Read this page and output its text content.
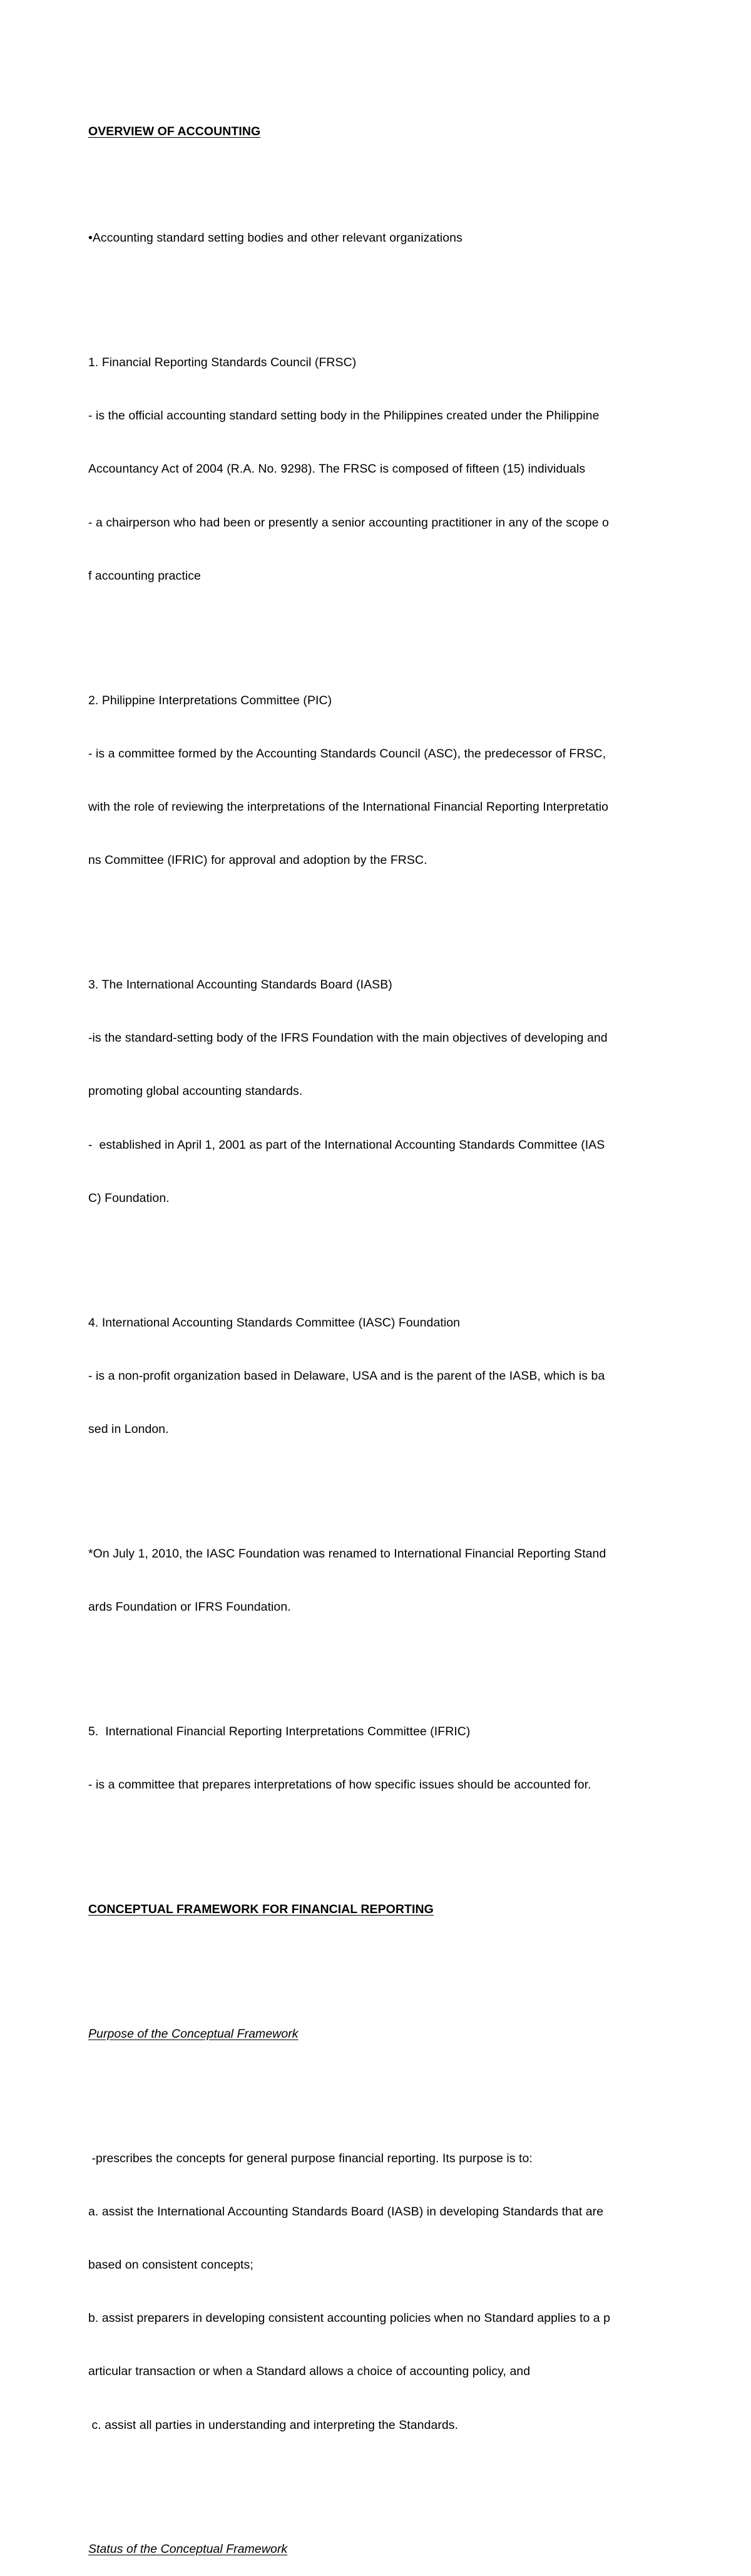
OVERVIEW OF ACCOUNTING

•Accounting standard setting bodies and other relevant organizations

1. Financial Reporting Standards Council (FRSC)

- is the official accounting standard setting body in the Philippines created under the Philippine

Accountancy Act of 2004 (R.A. No. 9298). The FRSC is composed of fifteen (15) individuals

- a chairperson who had been or presently a senior accounting practitioner in any of the scope o

f accounting practice

2. Philippine Interpretations Committee (PIC)

- is a committee formed by the Accounting Standards Council (ASC), the predecessor of FRSC,

with the role of reviewing the interpretations of the International Financial Reporting Interpretatio

ns Committee (IFRIC) for approval and adoption by the FRSC.

3. The International Accounting Standards Board (IASB)

-is the standard-setting body of the IFRS Foundation with the main objectives of developing and

promoting global accounting standards.

-  established in April 1, 2001 as part of the International Accounting Standards Committee (IAS

C) Foundation.

4. International Accounting Standards Committee (IASC) Foundation

- is a non-profit organization based in Delaware, USA and is the parent of the IASB, which is ba

sed in London.

*On July 1, 2010, the IASC Foundation was renamed to International Financial Reporting Stand

ards Foundation or IFRS Foundation.

5.  International Financial Reporting Interpretations Committee (IFRIC)

- is a committee that prepares interpretations of how specific issues should be accounted for.

CONCEPTUAL FRAMEWORK FOR FINANCIAL REPORTING

Purpose of the Conceptual Framework

-prescribes the concepts for general purpose financial reporting. Its purpose is to:

a. assist the International Accounting Standards Board (IASB) in developing Standards that are

based on consistent concepts;

b. assist preparers in developing consistent accounting policies when no Standard applies to a p

articular transaction or when a Standard allows a choice of accounting policy, and

c. assist all parties in understanding and interpreting the Standards.

Status of the Conceptual Framework
